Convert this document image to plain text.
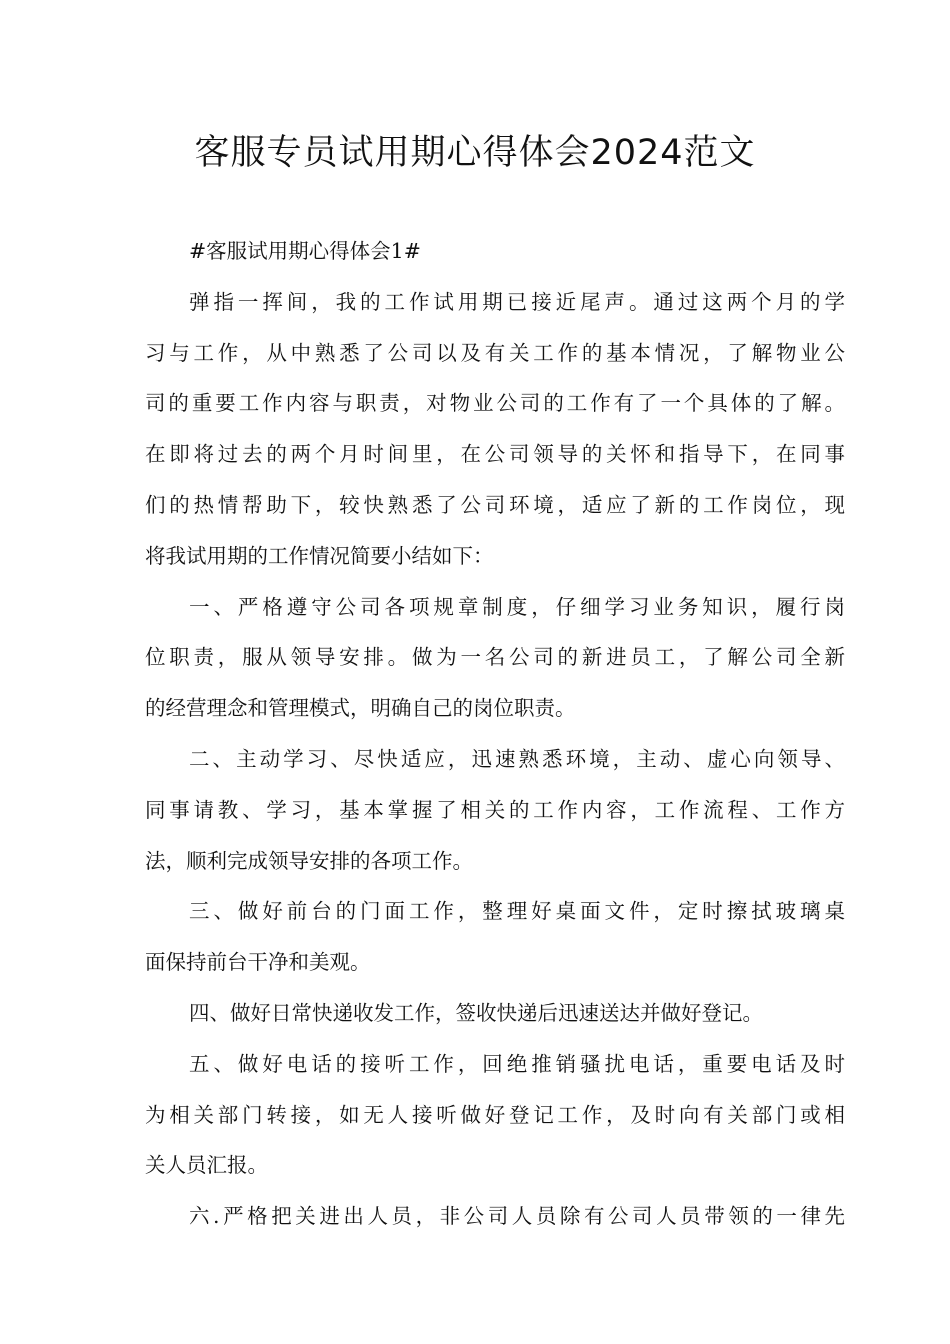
客服专员试用期心得体会2024范文
#客服试用期心得体会1#
弹指一挥间，我的工作试用期已接近尾声。通过这两个月的学
习与工作，从中熟悉了公司以及有关工作的基本情况，了解物业公
司的重要工作内容与职责，对物业公司的工作有了一个具体的了解。
在即将过去的两个月时间里，在公司领导的关怀和指导下，在同事
们的热情帮助下，较快熟悉了公司环境，适应了新的工作岗位，现
将我试用期的工作情况简要小结如下：
一、严格遵守公司各项规章制度，仔细学习业务知识，履行岗
位职责，服从领导安排。做为一名公司的新进员工，了解公司全新
的经营理念和管理模式，明确自己的岗位职责。
二、主动学习、尽快适应，迅速熟悉环境，主动、虚心向领导、
同事请教、学习，基本掌握了相关的工作内容，工作流程、工作方
法，顺利完成领导安排的各项工作。
三、做好前台的门面工作，整理好桌面文件，定时擦拭玻璃桌
面保持前台干净和美观。
四、做好日常快递收发工作，签收快递后迅速送达并做好登记。
五、做好电话的接听工作，回绝推销骚扰电话，重要电话及时
为相关部门转接，如无人接听做好登记工作，及时向有关部门或相
关人员汇报。
六.严格把关进出人员，非公司人员除有公司人员带领的一律先
